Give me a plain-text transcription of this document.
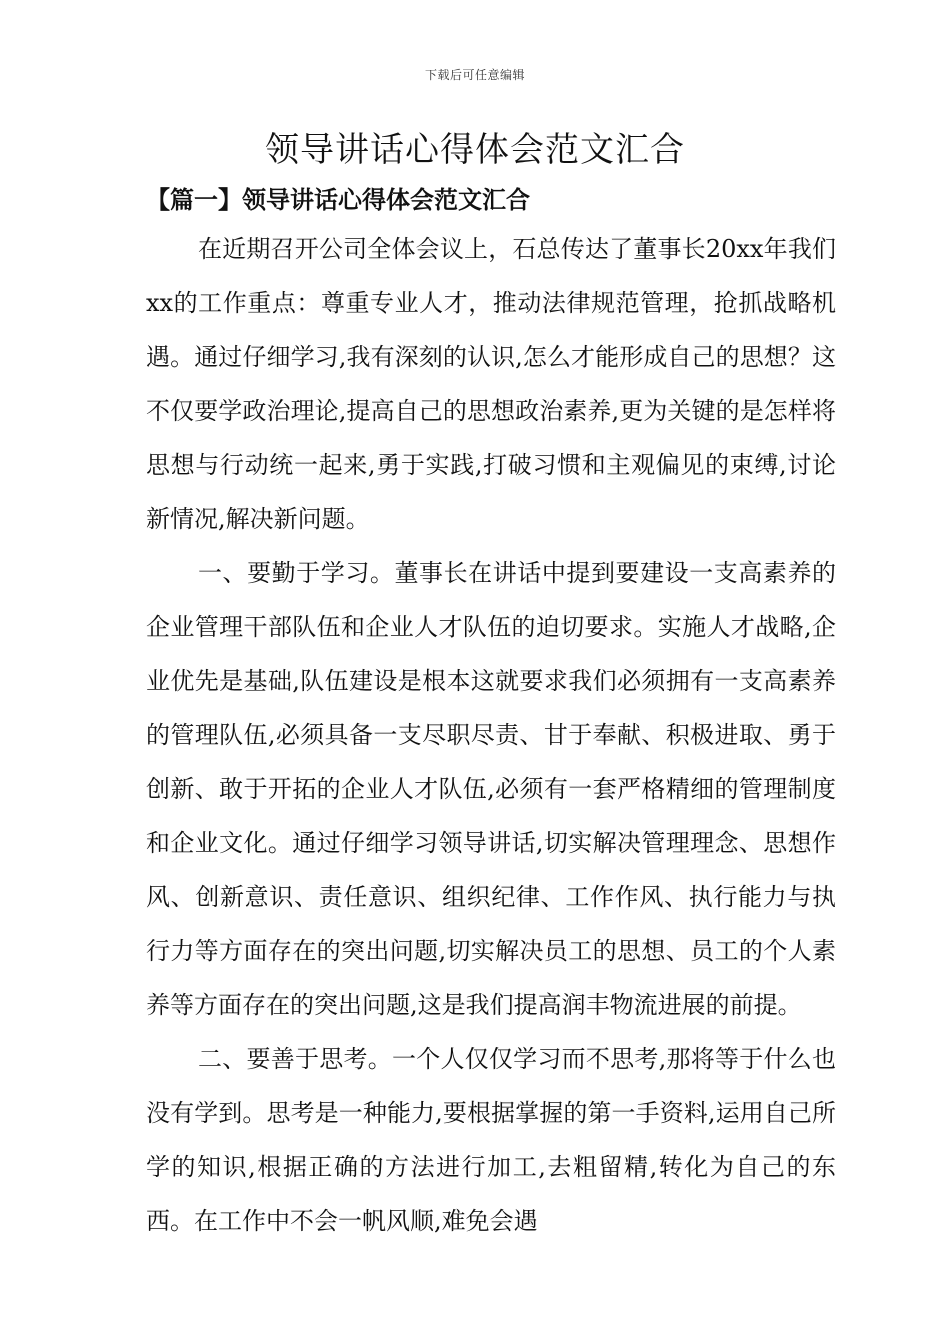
下载后可任意编辑
领导讲话心得体会范文汇合
【篇一】领导讲话心得体会范文汇合

在近期召开公司全体会议上，石总传达了董事长20xx年我们xx的工作重点：尊重专业人才，推动法律规范管理，抢抓战略机遇。通过仔细学习,我有深刻的认识,怎么才能形成自己的思想？这不仅要学政治理论,提高自己的思想政治素养,更为关键的是怎样将思想与行动统一起来,勇于实践,打破习惯和主观偏见的束缚,讨论新情况,解决新问题。

一、要勤于学习。董事长在讲话中提到要建设一支高素养的企业管理干部队伍和企业人才队伍的迫切要求。实施人才战略,企业优先是基础,队伍建设是根本这就要求我们必须拥有一支高素养的管理队伍,必须具备一支尽职尽责、甘于奉献、积极进取、勇于创新、敢于开拓的企业人才队伍,必须有一套严格精细的管理制度和企业文化。通过仔细学习领导讲话,切实解决管理理念、思想作风、创新意识、责任意识、组织纪律、工作作风、执行能力与执行力等方面存在的突出问题,切实解决员工的思想、员工的个人素养等方面存在的突出问题,这是我们提高润丰物流进展的前提。

二、要善于思考。一个人仅仅学习而不思考,那将等于什么也没有学到。思考是一种能力,要根据掌握的第一手资料,运用自己所学的知识,根据正确的方法进行加工,去粗留精,转化为自己的东西。在工作中不会一帆风顺,难免会遇
